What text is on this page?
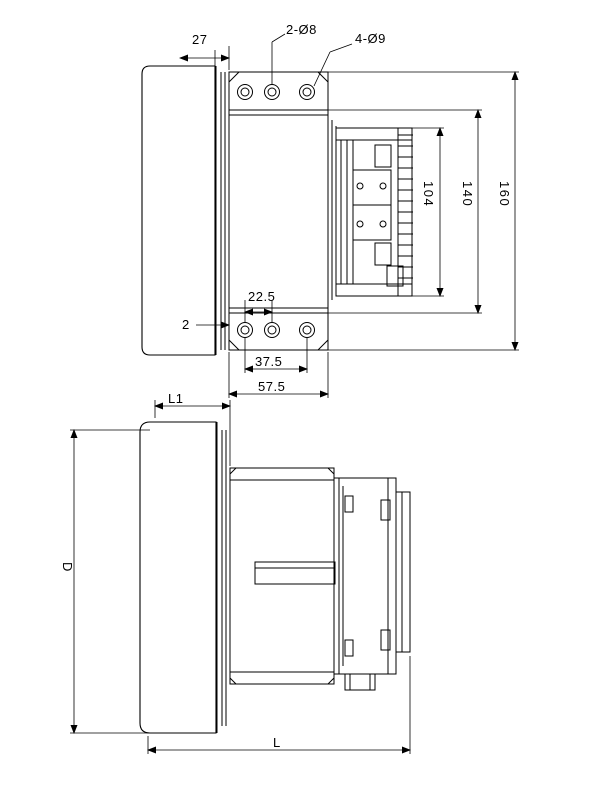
27
2-Ø8
4-Ø9
104 140 160
22.5
2
37.5
57.5
L1
D
L
